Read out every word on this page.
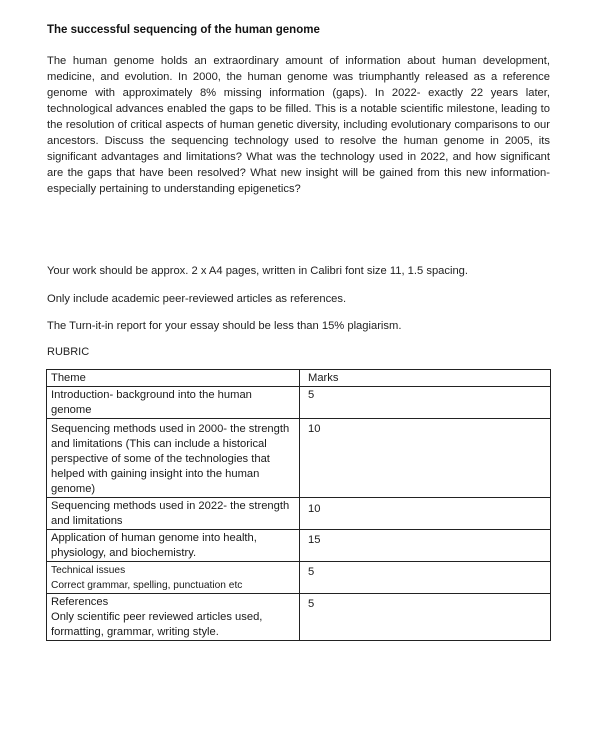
The successful sequencing of the human genome
The human genome holds an extraordinary amount of information about human development, medicine, and evolution. In 2000, the human genome was triumphantly released as a reference genome with approximately 8% missing information (gaps). In 2022- exactly 22 years later, technological advances enabled the gaps to be filled. This is a notable scientific milestone, leading to the resolution of critical aspects of human genetic diversity, including evolutionary comparisons to our ancestors. Discuss the sequencing technology used to resolve the human genome in 2005, its significant advantages and limitations? What was the technology used in 2022, and how significant are the gaps that have been resolved? What new insight will be gained from this new information- especially pertaining to understanding epigenetics?
Your work should be approx. 2 x A4 pages, written in Calibri font size 11, 1.5 spacing.
Only include academic peer-reviewed articles as references.
The Turn-it-in report for your essay should be less than 15% plagiarism.
RUBRIC
Theme	Marks
Introduction- background into the human genome	5
Sequencing methods used in 2000- the strength and limitations (This can include a historical perspective of some of the technologies that helped with gaining insight into the human genome)	10
Sequencing methods used in 2022- the strength and limitations	10
Application of human genome into health, physiology, and biochemistry.	15

Technical issues
Correct grammar, spelling, punctuation etc	5

References
Only scientific peer reviewed articles used, formatting, grammar, writing style.	5
